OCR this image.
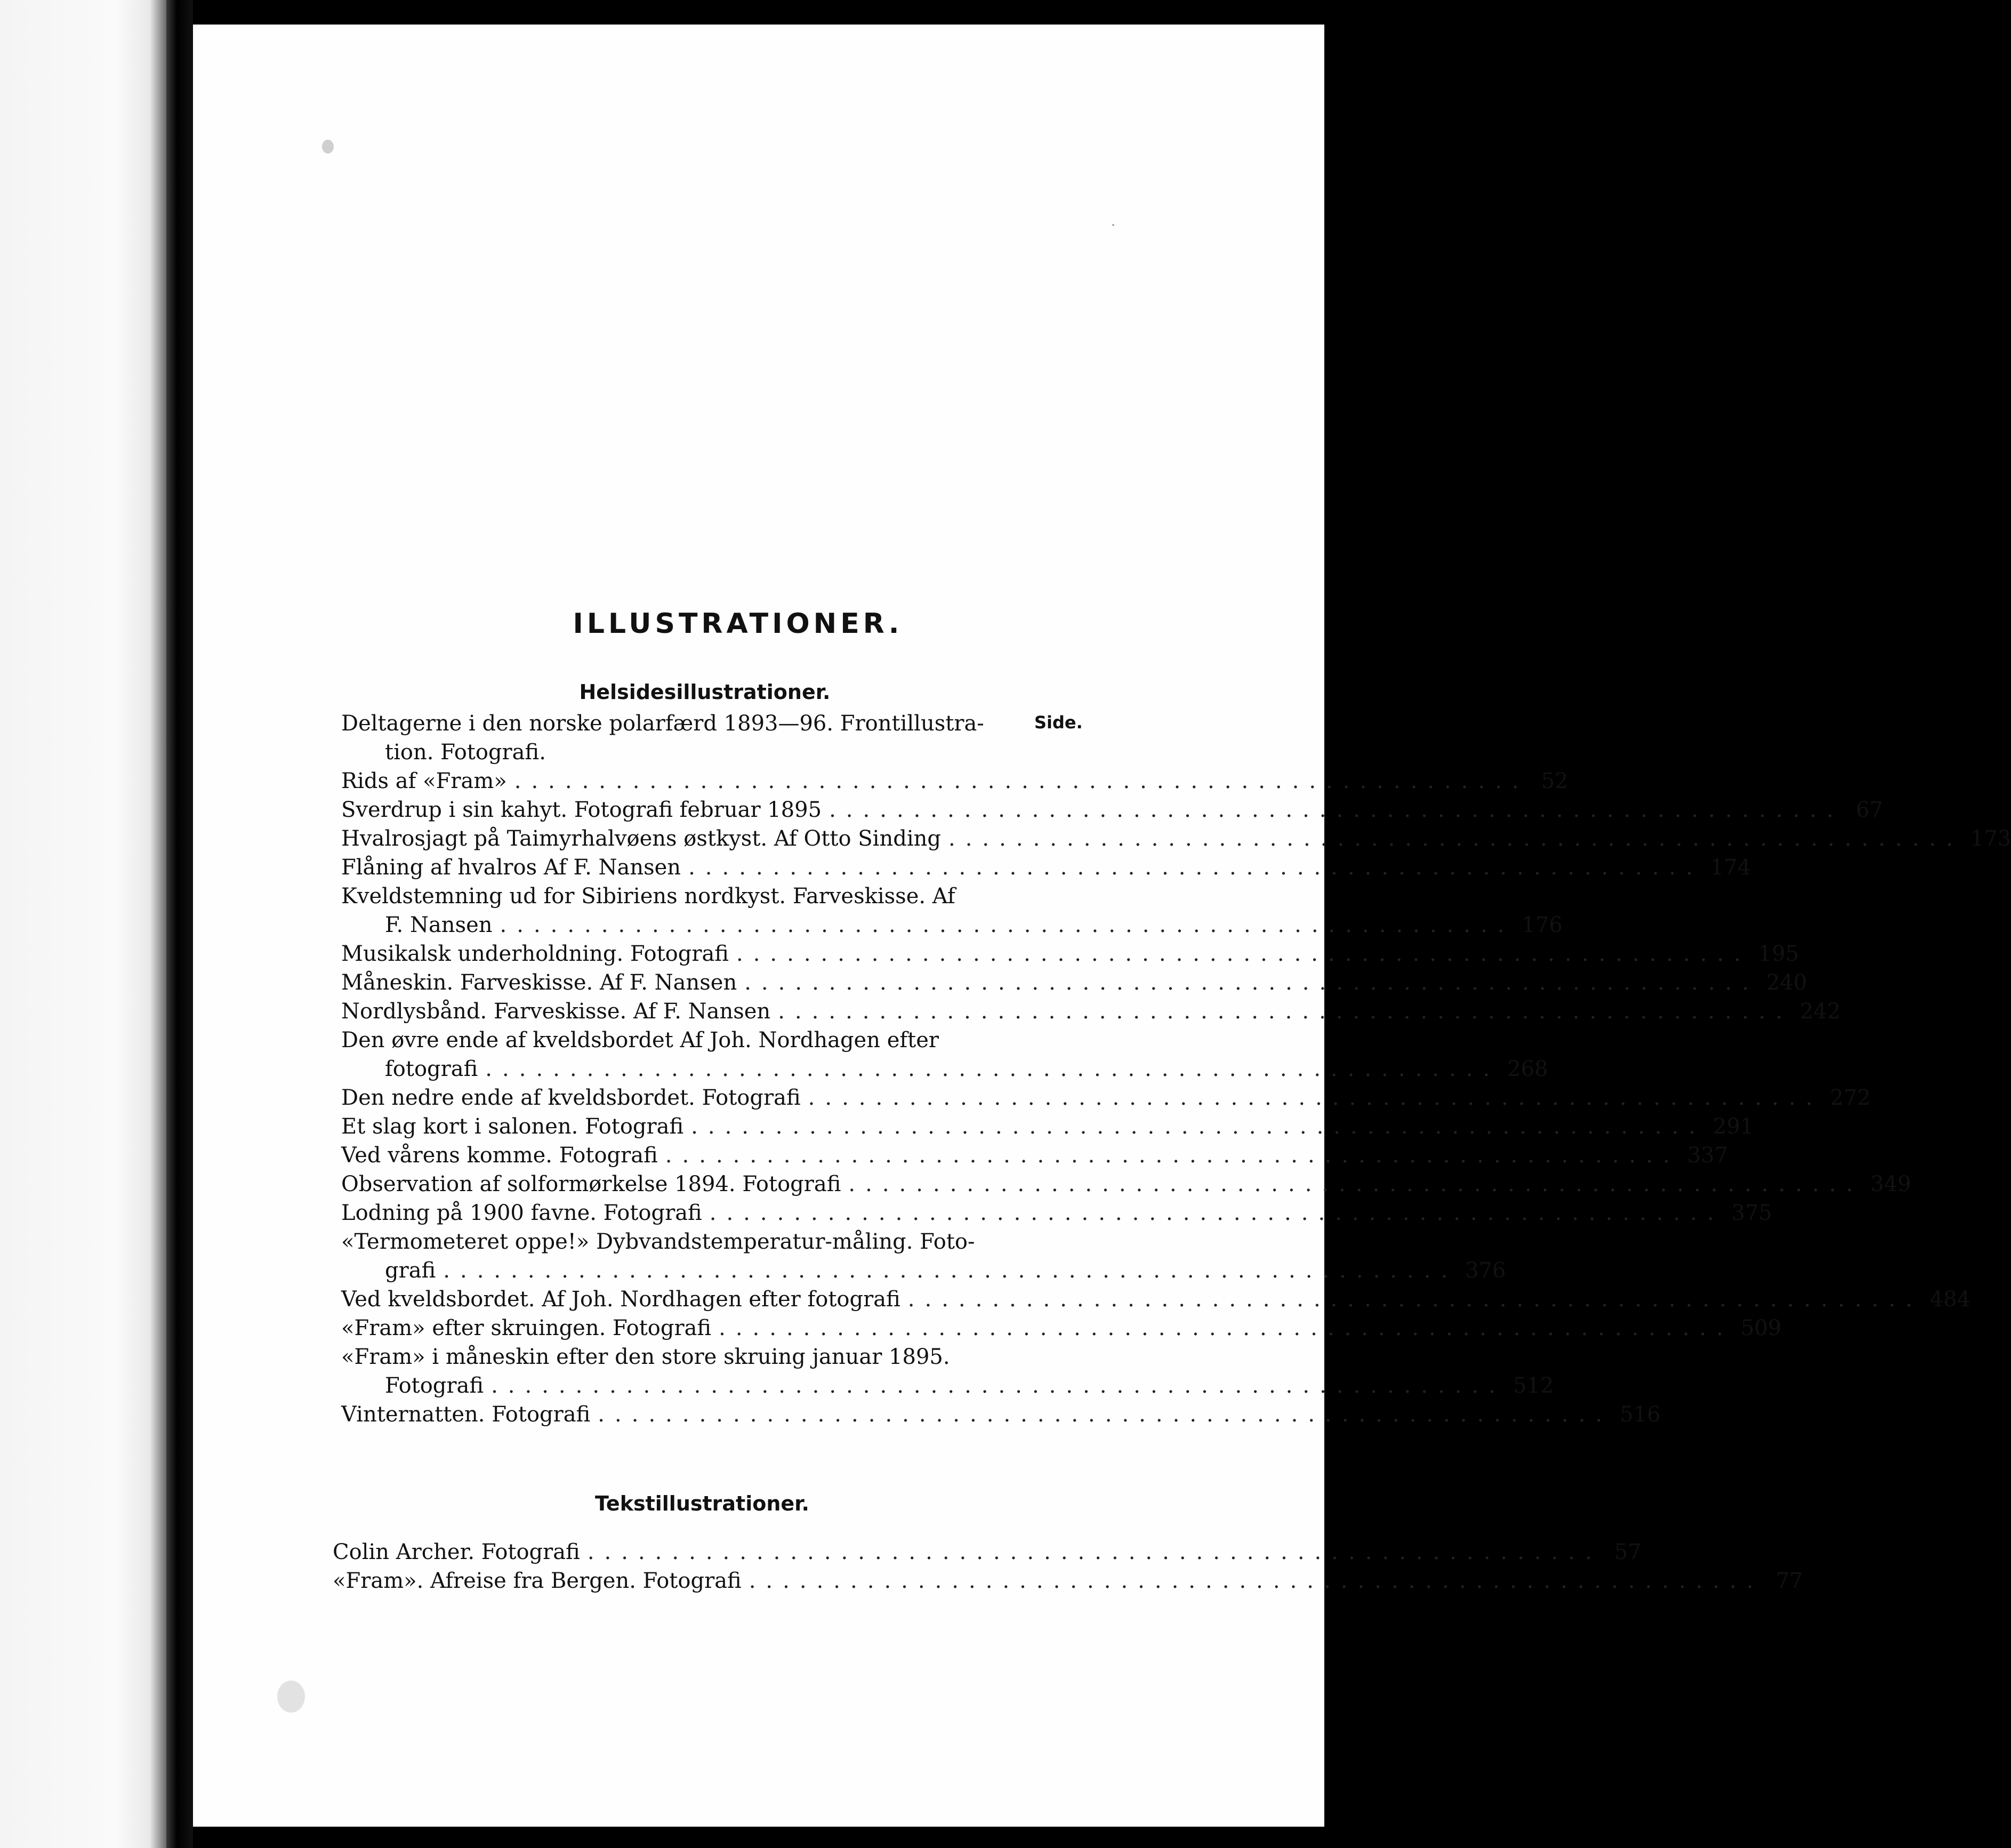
ILLUSTRATIONER.
Helsidesillustrationer.
Side.
Deltagerne i den norske polarfærd 1893—96. Frontillustra-
tion. Fotografi.
Rids af «Fram» ............................................................ 52
Sverdrup i sin kahyt. Fotografi februar 1895 ............................................................ 67
Hvalrosjagt på Taimyrhalvøens østkyst. Af Otto Sinding ............................................................ 173
Flåning af hvalros Af F. Nansen ............................................................ 174
Kveldstemning ud for Sibiriens nordkyst. Farveskisse. Af
F. Nansen ............................................................ 176
Musikalsk underholdning. Fotografi ............................................................ 195
Måneskin. Farveskisse. Af F. Nansen ............................................................ 240
Nordlysbånd. Farveskisse. Af F. Nansen ............................................................ 242
Den øvre ende af kveldsbordet Af Joh. Nordhagen efter
fotografi ............................................................ 268
Den nedre ende af kveldsbordet. Fotografi ............................................................ 272
Et slag kort i salonen. Fotografi ............................................................ 291
Ved vårens komme. Fotografi ............................................................ 337
Observation af solformørkelse 1894. Fotografi ............................................................ 349
Lodning på 1900 favne. Fotografi ............................................................ 375
«Termometeret oppe!» Dybvandstemperatur-måling. Foto-
grafi ............................................................ 376
Ved kveldsbordet. Af Joh. Nordhagen efter fotografi ............................................................ 484
«Fram» efter skruingen. Fotografi ............................................................ 509
«Fram» i måneskin efter den store skruing januar 1895.
Fotografi ............................................................ 512
Vinternatten. Fotografi ............................................................ 516
Tekstillustrationer.
Colin Archer. Fotografi ............................................................ 57
«Fram». Afreise fra Bergen. Fotografi ............................................................ 77
